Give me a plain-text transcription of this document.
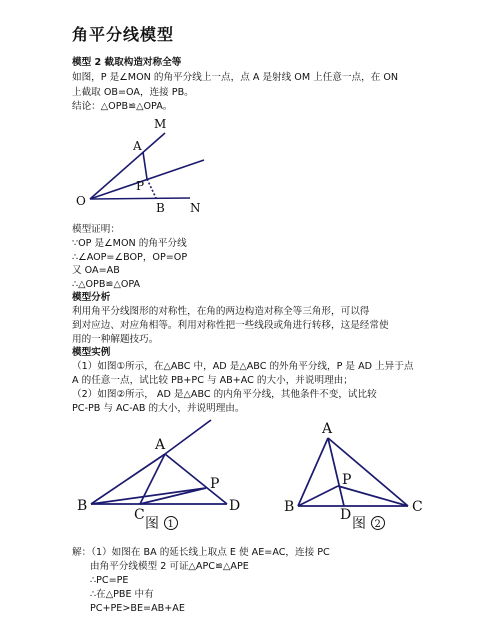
角平分线模型
模型 2 截取构造对称全等
如图，P 是∠MON 的角平分线上一点，点 A 是射线 OM 上任意一点，在 ON
上截取 OB=OA，连接 PB。
结论：△OPB≌△OPA。
M
A
P
O	B N
模型证明：
∵OP 是∠MON 的角平分线
∴∠AOP=∠BOP，OP=OP
又 OA=AB
∴△OPB≌△OPA
模型分析
利用角平分线图形的对称性，在角的两边构造对称全等三角形，可以得
到对应边、对应角相等。利用对称性把一些线段或角进行转移，这是经常使
用的一种解题技巧。
模型实例
（1）如图①所示，在△ABC 中，AD 是△ABC 的外角平分线，P 是 AD 上异于点
A 的任意一点，试比较 PB+PC 与 AB+AC 的大小，并说明理由；
（2）如图②所示， AD 是△ABC 的内角平分线，其他条件不变，试比较
PC-PB 与 AC-AB 的大小，并说明理由。
A
P
B
C
D
图 1
A
P
B	C
D
图 2
解：（1）如图在 BA 的延长线上取点 E 使 AE=AC，连接 PC
由角平分线模型 2 可证△APC≌△APE
∴PC=PE
∴在△PBE 中有
PC+PE>BE=AB+AE
